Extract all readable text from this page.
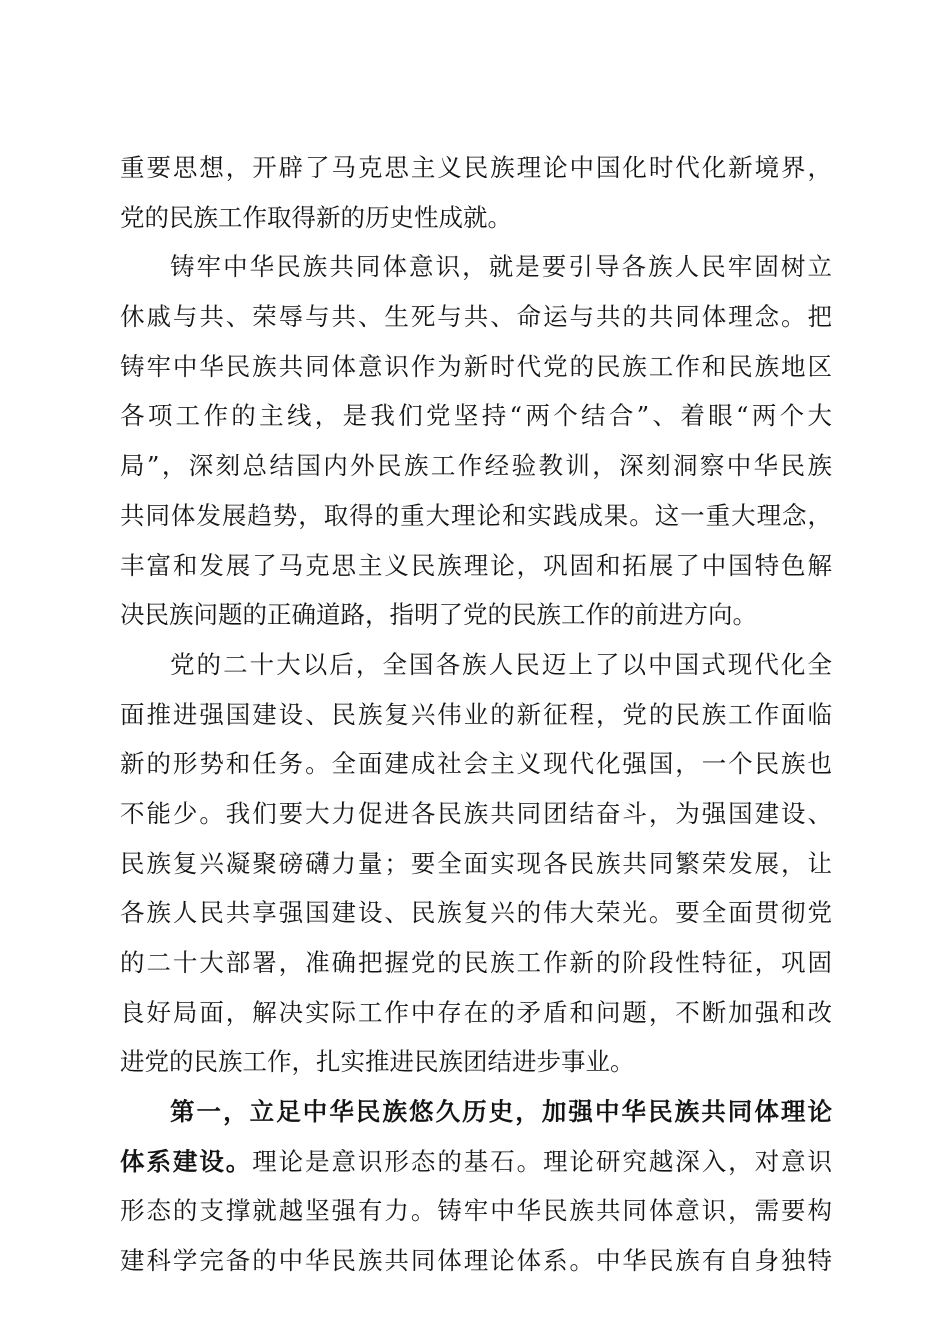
重要思想，开辟了马克思主义民族理论中国化时代化新境界，
党的民族工作取得新的历史性成就。
铸牢中华民族共同体意识，就是要引导各族人民牢固树立
休戚与共、荣辱与共、生死与共、命运与共的共同体理念。把
铸牢中华民族共同体意识作为新时代党的民族工作和民族地区
各项工作的主线，是我们党坚持“两个结合”、着眼“两个大
局”，深刻总结国内外民族工作经验教训，深刻洞察中华民族
共同体发展趋势，取得的重大理论和实践成果。这一重大理念，
丰富和发展了马克思主义民族理论，巩固和拓展了中国特色解
决民族问题的正确道路，指明了党的民族工作的前进方向。
党的二十大以后，全国各族人民迈上了以中国式现代化全
面推进强国建设、民族复兴伟业的新征程，党的民族工作面临
新的形势和任务。全面建成社会主义现代化强国，一个民族也
不能少。我们要大力促进各民族共同团结奋斗，为强国建设、
民族复兴凝聚磅礴力量；要全面实现各民族共同繁荣发展，让
各族人民共享强国建设、民族复兴的伟大荣光。要全面贯彻党
的二十大部署，准确把握党的民族工作新的阶段性特征，巩固
良好局面，解决实际工作中存在的矛盾和问题，不断加强和改
进党的民族工作，扎实推进民族团结进步事业。
第一，立足中华民族悠久历史，加强中华民族共同体理论
体系建设。理论是意识形态的基石。理论研究越深入，对意识
形态的支撑就越坚强有力。铸牢中华民族共同体意识，需要构
建科学完备的中华民族共同体理论体系。中华民族有自身独特
